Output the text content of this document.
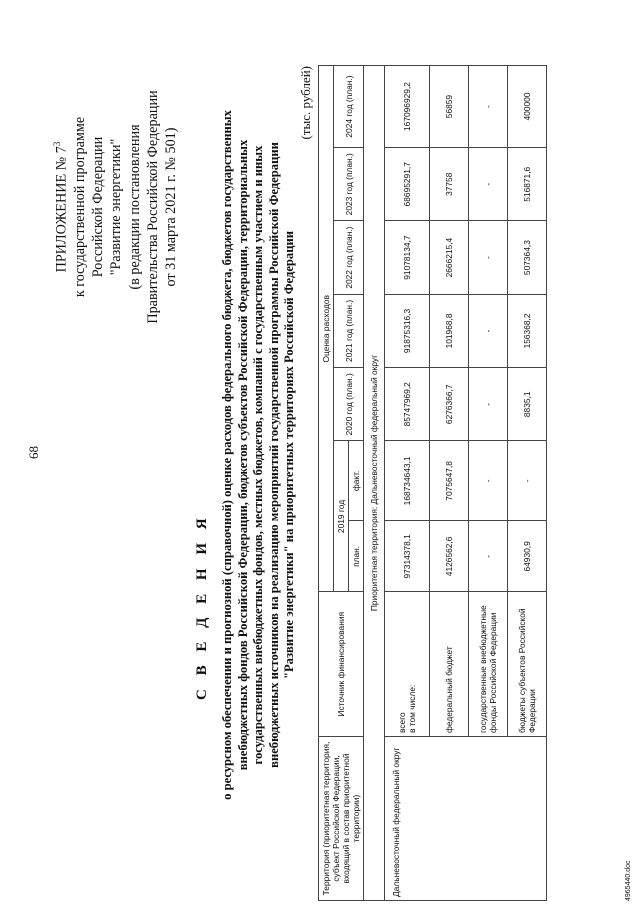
68
ПРИЛОЖЕНИЕ № $7^3$ к государственной программе Российской Федерации "Развитие энергетики" (в редакции постановления Правительства Российской Федерации от 31 марта 2021 г. № 501)
С В Е Д Е Н И Я о ресурсном обеспечении и прогнозной (справочной) оценке расходов федерального бюджета, бюджетов государственных внебюджетных фондов Российской Федерации, бюджетов субъектов Российской Федерации, территориальных государственных внебюджетных фондов, местных бюджетов, компаний с государственным участием и иных внебюджетных источников на реализацию мероприятий государственной программы Российской Федерации "Развитие энергетики" на приоритетных территориях Российской Федерации
(тыс. рублей)
Территория (приоритетная территория, субъект Российской Федерации, входящий в состав приоритетной территории)	Источник финансирования	Оценка расходов						
		2019 год		2020 год (план.)	2021 год (план.)	2022 год (план.)	2023 год (план.)	2024 год (план.)
		план.	факт.					
Приоритетная территория: Дальневосточный федеральный округ								
Дальневосточный федеральный округ	всего в том числе:	97314378,1	168734643,1	85747969,2	91875316,3	91078134,7	68695291,7	167096929,2
	федеральный бюджет	4126562,6	7075647,8	6276366,7	101968,8	2666215,4	37758	56859
	государственные внебюджетные фонды Российской Федерации	-	-	-	-	-	-	-
	бюджеты субъектов Российской Федерации	64930,9	-	8835,1	156368,2	507364,3	516871,6	400000
4965440.doc
